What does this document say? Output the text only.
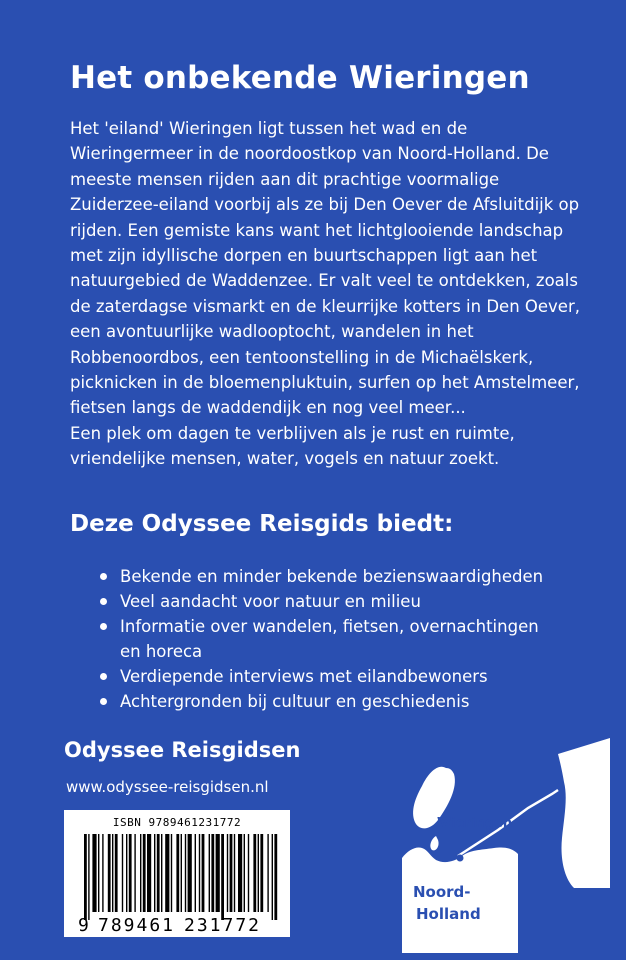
Het onbekende Wieringen

Het 'eiland' Wieringen ligt tussen het wad en de Wieringermeer in de noordoostkop van Noord-Holland. De meeste mensen rijden aan dit prachtige voormalige Zuiderzee-eiland voorbij als ze bij Den Oever de Afsluitdijk op rijden. Een gemiste kans want het lichtglooiende landschap met zijn idyllische dorpen en buurtschappen ligt aan het natuurgebied de Waddenzee. Er valt veel te ontdekken, zoals de zaterdagse vismarkt en de kleurrijke kotters in Den Oever, een avontuurlijke wadlooptocht, wandelen in het Robbenoordbos, een tentoonstelling in de Michaëlskerk, picknicken in de bloemenpluktuin, surfen op het Amstelmeer, fietsen langs de waddendijk en nog veel meer...

Een plek om dagen te verblijven als je rust en ruimte, vriendelijke mensen, water, vogels en natuur zoekt.

Deze Odyssee Reisgids biedt:
Bekende en minder bekende bezienswaardigheden
Veel aandacht voor natuur en milieu
Informatie over wandelen, fietsen, overnachtingen en horeca
Verdiepende interviews met eilandbewoners
Achtergronden bij cultuur en geschiedenis
Odyssee Reisgidsen
www.odyssee-reisgidsen.nl
9 789461 231772
ISBN 9789461231772	Wieringen
Noord-
Holland
